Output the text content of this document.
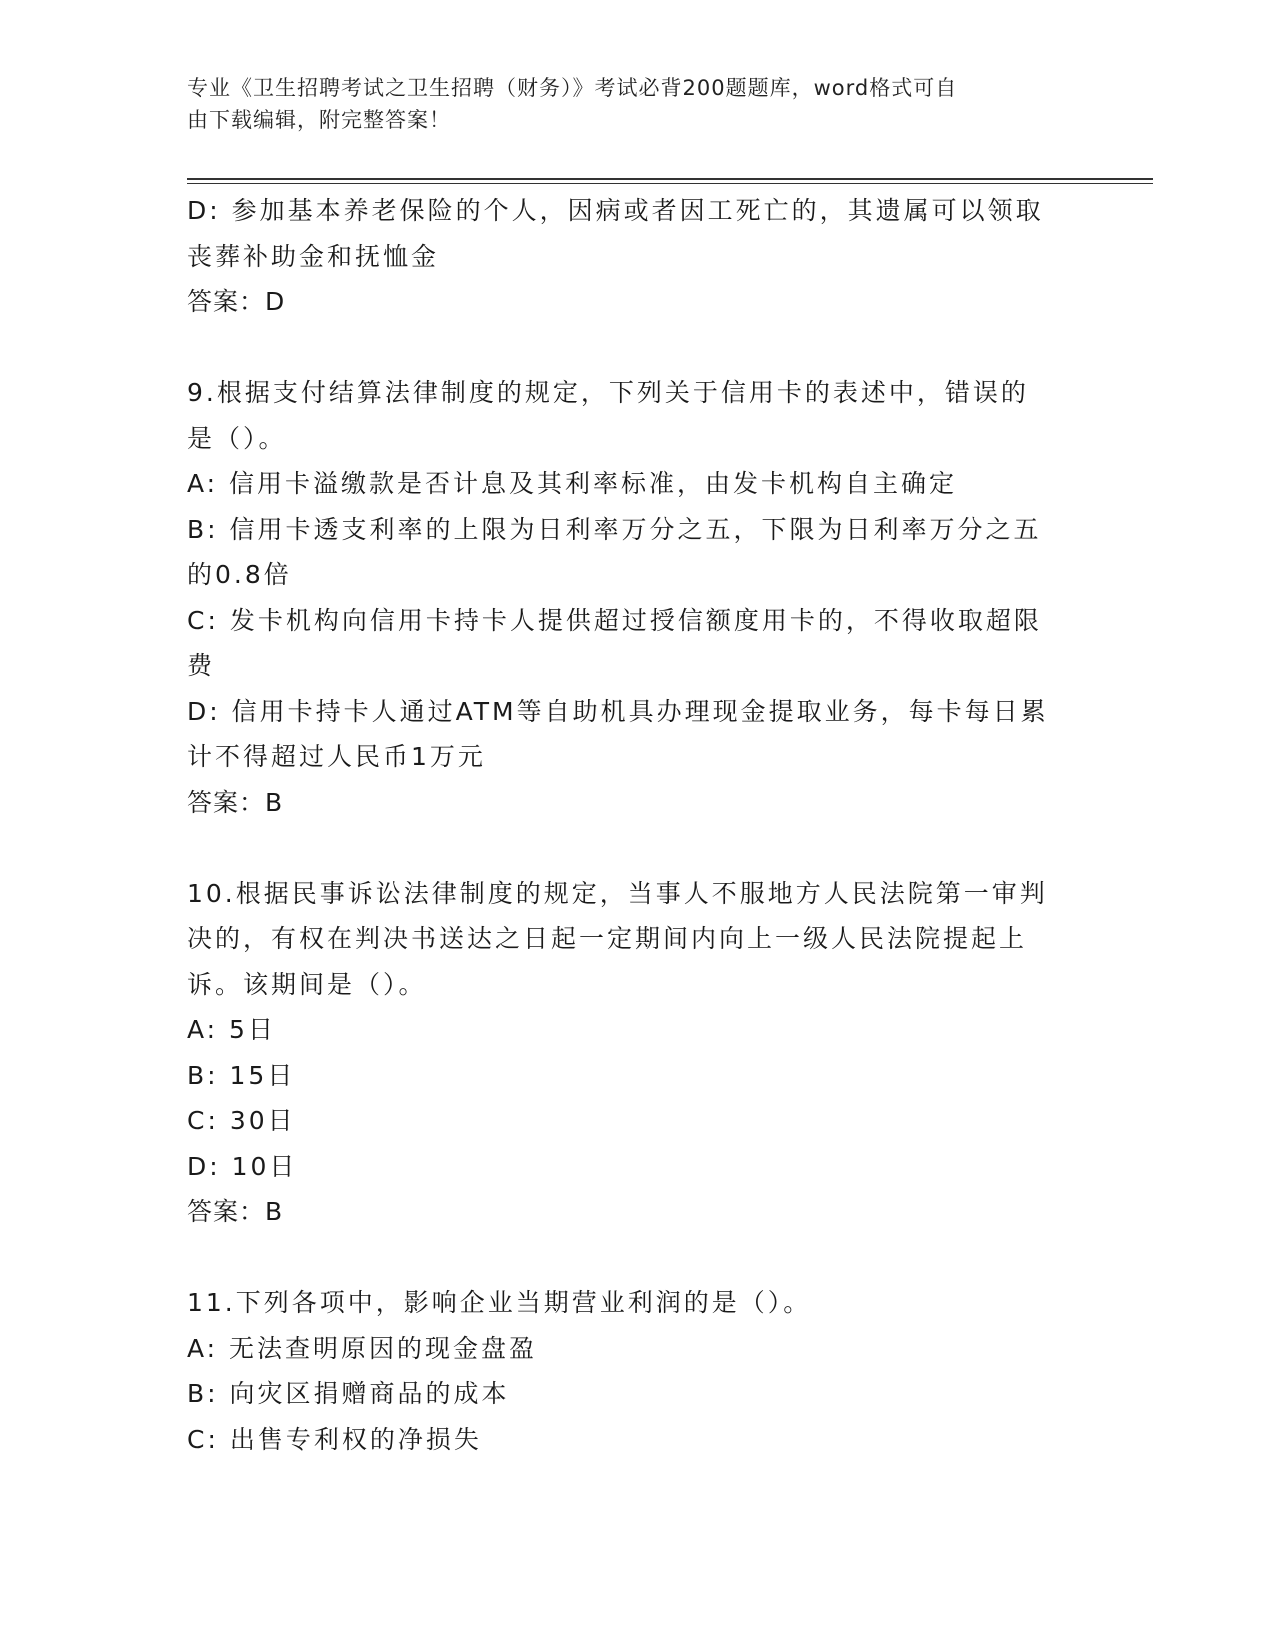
专业《卫生招聘考试之卫生招聘（财务）》考试必背200题题库，word格式可自
由下载编辑，附完整答案！
D: 参加基本养老保险的个人，因病或者因工死亡的，其遗属可以领取
丧葬补助金和抚恤金
答案：D
9.根据支付结算法律制度的规定，下列关于信用卡的表述中，错误的
是（）。
A: 信用卡溢缴款是否计息及其利率标准，由发卡机构自主确定
B: 信用卡透支利率的上限为日利率万分之五，下限为日利率万分之五
的0.8倍
C: 发卡机构向信用卡持卡人提供超过授信额度用卡的，不得收取超限
费
D: 信用卡持卡人通过ATM等自助机具办理现金提取业务，每卡每日累
计不得超过人民币1万元
答案：B
10.根据民事诉讼法律制度的规定，当事人不服地方人民法院第一审判
决的，有权在判决书送达之日起一定期间内向上一级人民法院提起上
诉。该期间是（）。
A: 5日
B: 15日
C: 30日
D: 10日
答案：B
11.下列各项中，影响企业当期营业利润的是（）。
A: 无法查明原因的现金盘盈
B: 向灾区捐赠商品的成本
C: 出售专利权的净损失
